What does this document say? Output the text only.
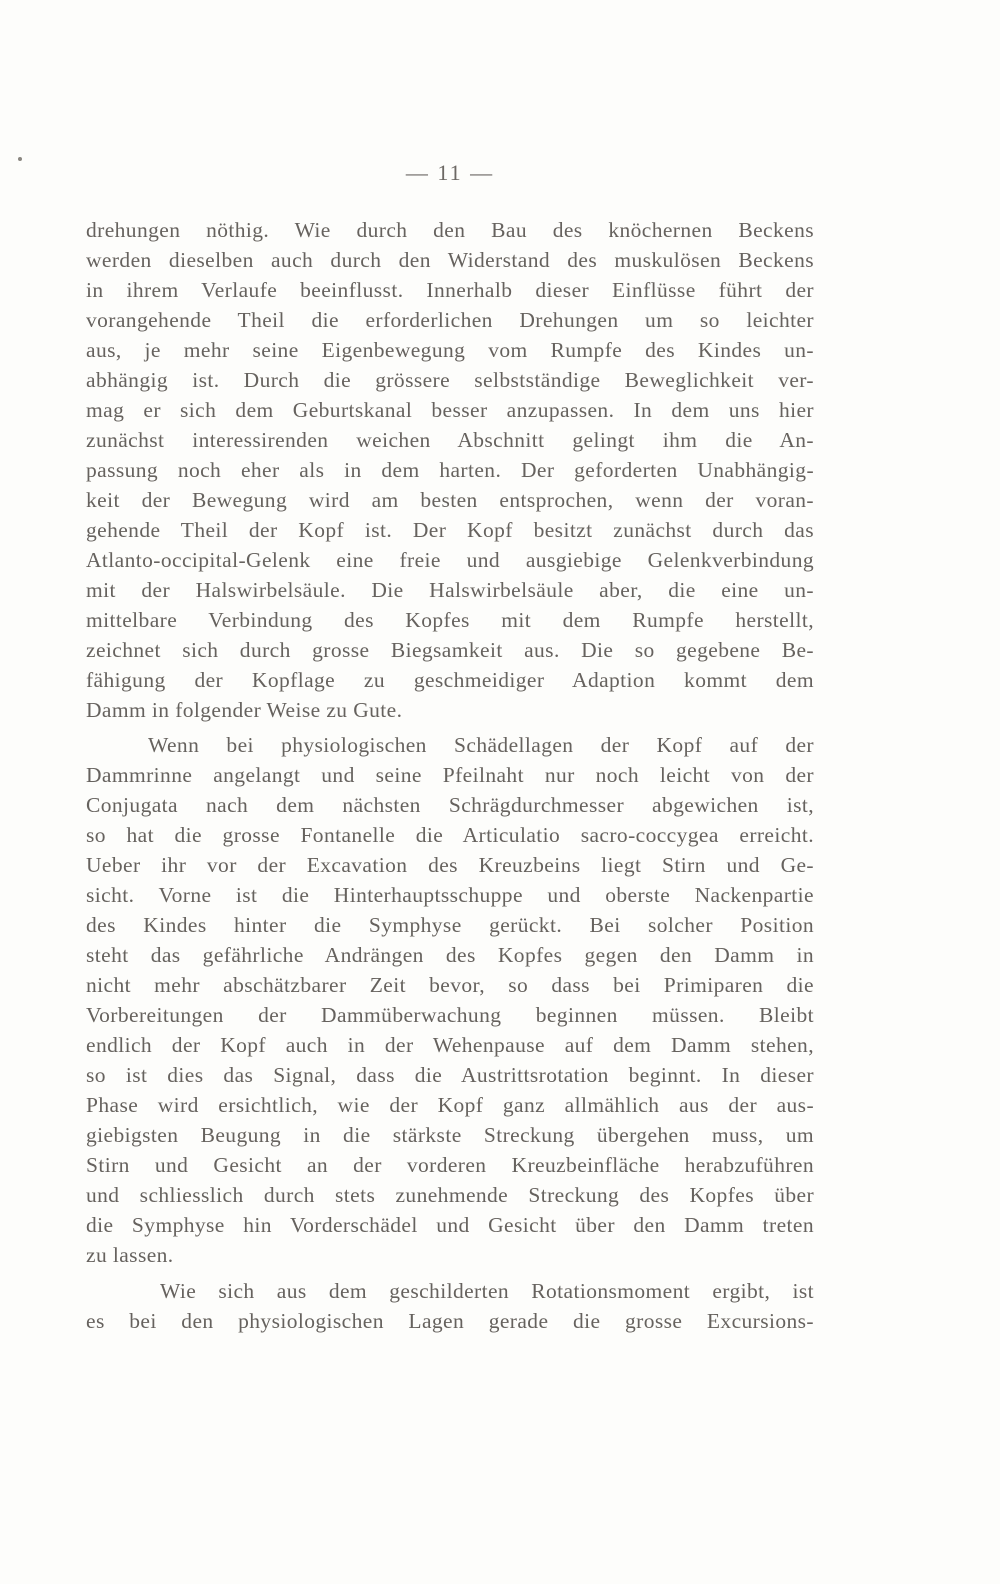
— 11 —
drehungen nöthig. Wie durch den Bau des knöchernen Beckens
werden dieselben auch durch den Widerstand des muskulösen Beckens
in ihrem Verlaufe beeinflusst. Innerhalb dieser Einflüsse führt der
vorangehende Theil die erforderlichen Drehungen um so leichter
aus, je mehr seine Eigenbewegung vom Rumpfe des Kindes un-
abhängig ist. Durch die grössere selbstständige Beweglichkeit ver-
mag er sich dem Geburtskanal besser anzupassen. In dem uns hier
zunächst interessirenden weichen Abschnitt gelingt ihm die An-
passung noch eher als in dem harten. Der geforderten Unabhängig-
keit der Bewegung wird am besten entsprochen, wenn der voran-
gehende Theil der Kopf ist. Der Kopf besitzt zunächst durch das
Atlanto-occipital-Gelenk eine freie und ausgiebige Gelenkverbindung
mit der Halswirbelsäule. Die Halswirbelsäule aber, die eine un-
mittelbare Verbindung des Kopfes mit dem Rumpfe herstellt,
zeichnet sich durch grosse Biegsamkeit aus. Die so gegebene Be-
fähigung der Kopflage zu geschmeidiger Adaption kommt dem
Damm in folgender Weise zu Gute.
Wenn bei physiologischen Schädellagen der Kopf auf der
Dammrinne angelangt und seine Pfeilnaht nur noch leicht von der
Conjugata nach dem nächsten Schrägdurchmesser abgewichen ist,
so hat die grosse Fontanelle die Articulatio sacro-coccygea erreicht.
Ueber ihr vor der Excavation des Kreuzbeins liegt Stirn und Ge-
sicht. Vorne ist die Hinterhauptsschuppe und oberste Nackenpartie
des Kindes hinter die Symphyse gerückt. Bei solcher Position
steht das gefährliche Andrängen des Kopfes gegen den Damm in
nicht mehr abschätzbarer Zeit bevor, so dass bei Primiparen die
Vorbereitungen der Dammüberwachung beginnen müssen. Bleibt
endlich der Kopf auch in der Wehenpause auf dem Damm stehen,
so ist dies das Signal, dass die Austrittsrotation beginnt. In dieser
Phase wird ersichtlich, wie der Kopf ganz allmählich aus der aus-
giebigsten Beugung in die stärkste Streckung übergehen muss, um
Stirn und Gesicht an der vorderen Kreuzbeinfläche herabzuführen
und schliesslich durch stets zunehmende Streckung des Kopfes über
die Symphyse hin Vorderschädel und Gesicht über den Damm treten
zu lassen.
Wie sich aus dem geschilderten Rotationsmoment ergibt, ist
es bei den physiologischen Lagen gerade die grosse Excursions-
